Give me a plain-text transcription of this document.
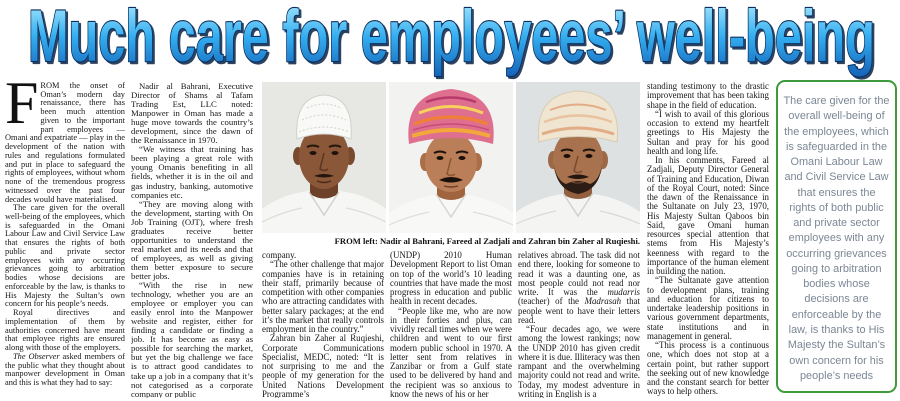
Much care for employees’ well-being

FROM the onset of Oman’s modern day renaissance, there has been much attention given to the important part employees — Omani and expatriate — play in the development of the nation with rules and regulations formulated and put in place to safeguard the rights of employees, without whom none of the tremendous progress witnessed over the past four decades would have materialised.

The care given for the overall well-being of the employees, which is safeguarded in the Omani Labour Law and Civil Service Law that ensures the rights of both public and private sector employees with any occurring grievances going to arbitration bodies whose decisions are enforceable by the law, is thanks to His Majesty the Sultan’s own concern for his people’s needs.

Royal directives and implementation of them by authorities concerned have meant that employee rights are ensured along with those of the employers.

The Observer asked members of the public what they thought about manpower development in Oman and this is what they had to say:

Nadir al Bahrani, Executive Director of Shams al Tafam Trading Est, LLC noted: Manpower in Oman has made a huge move towards the country’s development, since the dawn of the Renaissance in 1970.

“We witness that training has been playing a great role with young Omanis benefiting in all fields, whether it is in the oil and gas industry, banking, automotive companies etc.

“They are moving along with the development, starting with On Job Training (OJT), where fresh graduates receive better opportunities to understand the real market and its needs and that of employees, as well as giving them better exposure to secure better jobs.

“With the rise in new technology, whether you are an employee or employer you can easily enrol into the Manpower website and register, either for finding a candidate or finding a job. It has become as easy as possible for searching the market, but yet the big challenge we face is to attract good candidates to take up a job in a company that it’s not categorised as a corporate company or public

FROM left: Nadir al Bahrani, Fareed al Zadjali and Zahran bin Zaher al Ruqieshi.

company.

“The other challenge that major companies have is in retaining their staff, primarily because of competition with other companies who are attracting candidates with better salary packages; at the end it’s the market that really controls employment in the country.”

Zahran bin Zaher al Ruqieshi, Corporate Communications Specialist, MEDC, noted: “It is not surprising to me and the people of my generation for the United Nations Development Programme’s

(UNDP) 2010 Human Development Report to list Oman on top of the world’s 10 leading countries that have made the most progress in education and public health in recent decades.

“People like me, who are now in their forties and plus, can vividly recall times when we were children and went to our first modern public school in 1970. A letter sent from relatives in Zanzibar or from a Gulf state used to be delivered by hand and the recipient was so anxious to know the news of his or her

relatives abroad. The task did not end there, looking for someone to read it was a daunting one, as most people could not read nor write. It was the mudarris (teacher) of the Madrasah that people went to have their letters read.

“Four decades ago, we were among the lowest rankings; now the UNDP 2010 has given credit where it is due. Illiteracy was then rampant and the overwhelming majority could not read and write. Today, my modest adventure in writing in English is a

standing testimony to the drastic improvement that has been taking shape in the field of education.

“I wish to avail of this glorious occasion to extend my heartfelt greetings to His Majesty the Sultan and pray for his good health and long life.

In his comments, Fareed al Zadjali, Deputy Director General of Training and Education, Diwan of the Royal Court, noted: Since the dawn of the Renaissance in the Sultanate on July 23, 1970, His Majesty Sultan Qaboos bin Said, gave Omani human resources special attention that stems from His Majesty’s keenness with regard to the importance of the human element in building the nation.

“The Sultanate gave attention to development plans, training and education for citizens to undertake leadership positions in various government departments, state institutions and in management in general.

“This process is a continuous one, which does not stop at a certain point, but rather support the seeking out of new knowledge and the constant search for better ways to help others.

The care given for the overall well-being of the employees, which is safeguarded in the Omani Labour Law and Civil Service Law that ensures the rights of both public and private sector employees with any occurring grievances going to arbitration bodies whose decisions are enforceable by the law, is thanks to His Majesty the Sultan’s own concern for his people’s needs
